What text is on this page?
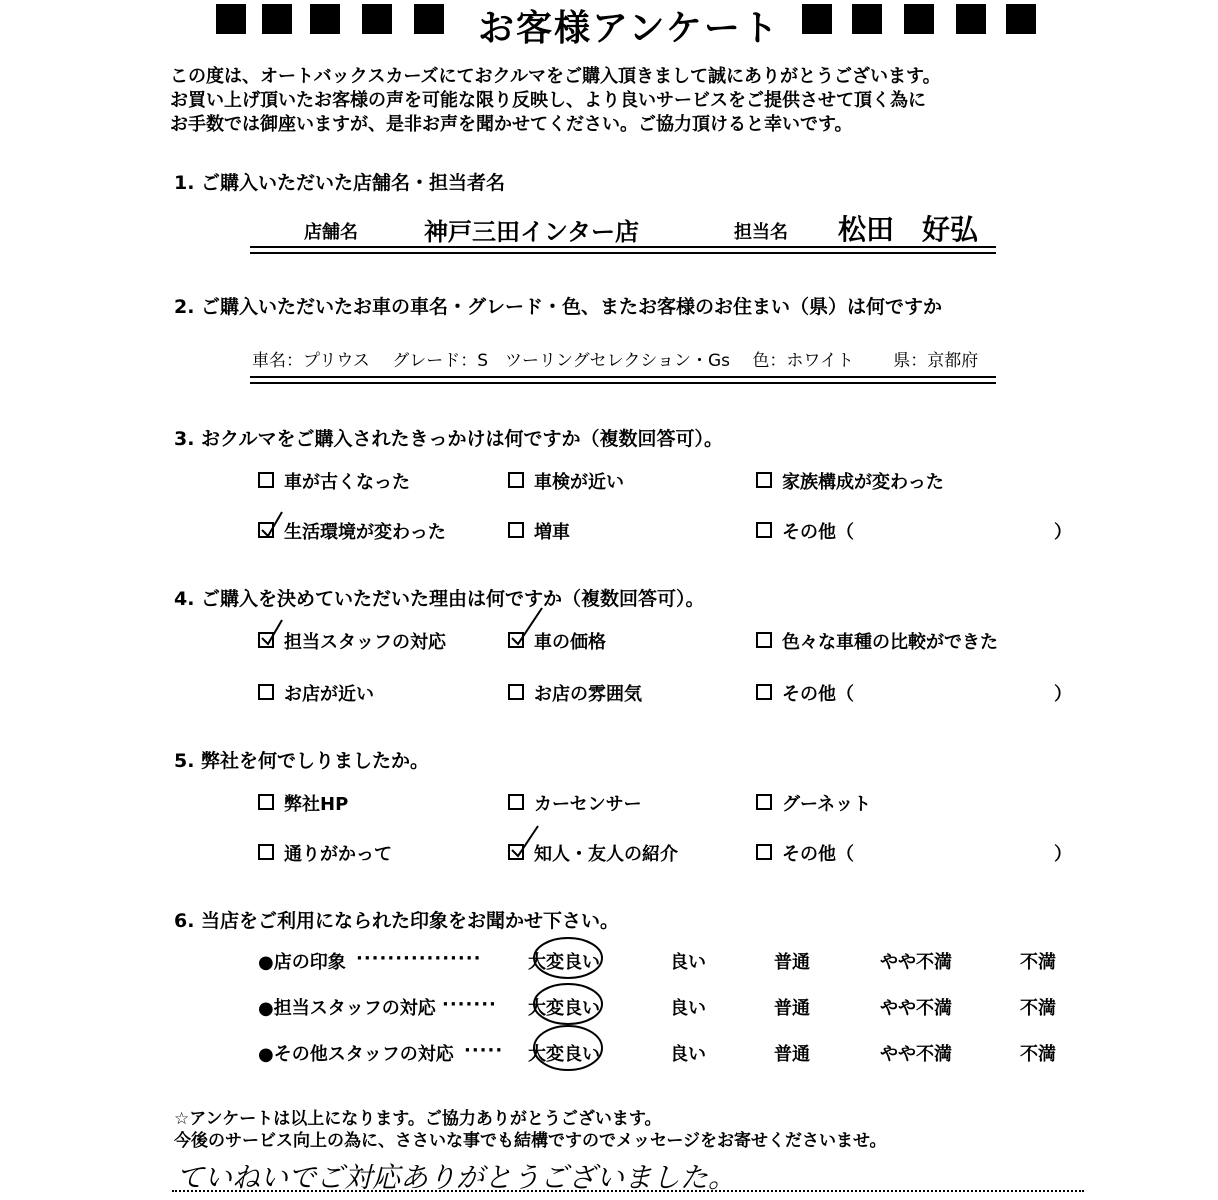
お客様アンケート
この度は、オートバックスカーズにておクルマをご購入頂きまして誠にありがとうございます。
お買い上げ頂いたお客様の声を可能な限り反映し、より良いサービスをご提供させて頂く為に
お手数では御座いますが、是非お声を聞かせてください。ご協力頂けると幸いです。
1. ご購入いただいた店舗名・担当者名
店舗名	神戸三田インター店	担当名 松田　好弘
2. ご購入いただいたお車の車名・グレード・色、またお客様のお住まい（県）は何ですか
車名：プリウス　 グレード：S　ツーリングセレクション・Gs　 色：ホワイト　　 県：京都府
3. おクルマをご購入されたきっかけは何ですか（複数回答可）。
車が古くなった	車検が近い	家族構成が変わった
生活環境が変わった	増車	その他（	）
4. ご購入を決めていただいた理由は何ですか（複数回答可）。
担当スタッフの対応	車の価格	色々な車種の比較ができた
お店が近い	お店の雰囲気	その他（	）
5. 弊社を何でしりましたか。
弊社HP	カーセンサー	グーネット
通りがかって	知人・友人の紹介	その他（	）
6. 当店をご利用になられた印象をお聞かせ下さい。
●店の印象 ················	大変良い	良い	普通	やや不満	不満
●担当スタッフの対応 ······· 大変良い	良い	普通	やや不満	不満
●その他スタッフの対応 ····· 大変良い	良い	普通	やや不満	不満
☆アンケートは以上になります。ご協力ありがとうございます。
今後のサービス向上の為に、ささいな事でも結構ですのでメッセージをお寄せくださいませ。
ていねいでご対応ありがとうございました。
